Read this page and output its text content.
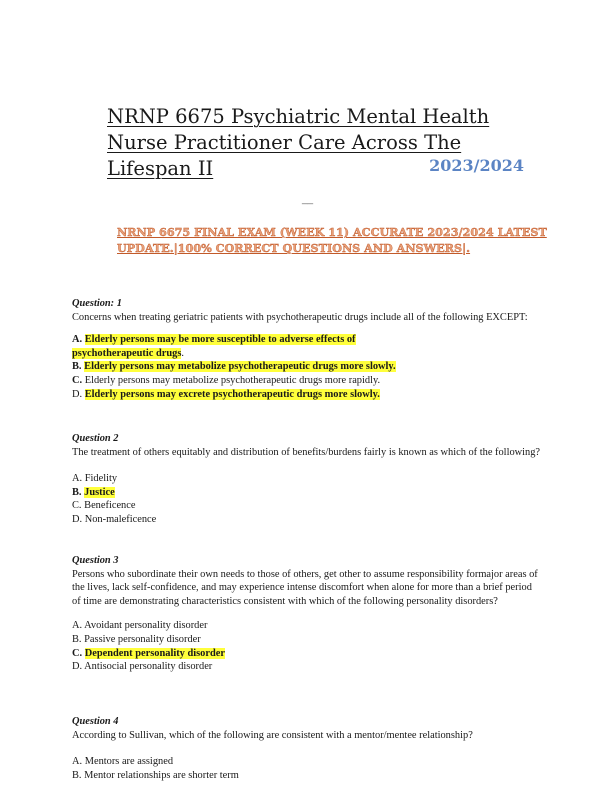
NRNP 6675 Psychiatric Mental Health Nurse Practitioner Care Across The Lifespan II	2023/2024
__
NRNP 6675 FINAL EXAM (WEEK 11) ACCURATE 2023/2024 LATEST UPDATE.|100% CORRECT QUESTIONS AND ANSWERS|.
Question: 1

Concerns when treating geriatric patients with psychotherapeutic drugs include all of the following EXCEPT:

A. Elderly persons may be more susceptible to adverse effects of psychotherapeutic drugs.
B. Elderly persons may metabolize psychotherapeutic drugs more slowly.
C. Elderly persons may metabolize psychotherapeutic drugs more rapidly.
D. Elderly persons may excrete psychotherapeutic drugs more slowly.
Question 2

The treatment of others equitably and distribution of benefits/burdens fairly is known as which of the following?

A. Fidelity
B. Justice
C. Beneficence
D. Non-maleficence
Question 3

Persons who subordinate their own needs to those of others, get other to assume responsibility formajor areas of the lives, lack self-confidence, and may experience intense discomfort when alone for more than a brief period of time are demonstrating characteristics consistent with which of the following personality disorders?

A. Avoidant personality disorder
B. Passive personality disorder
C. Dependent personality disorder
D. Antisocial personality disorder
Question 4

According to Sullivan, which of the following are consistent with a mentor/mentee relationship?

A. Mentors are assigned
B. Mentor relationships are shorter term
